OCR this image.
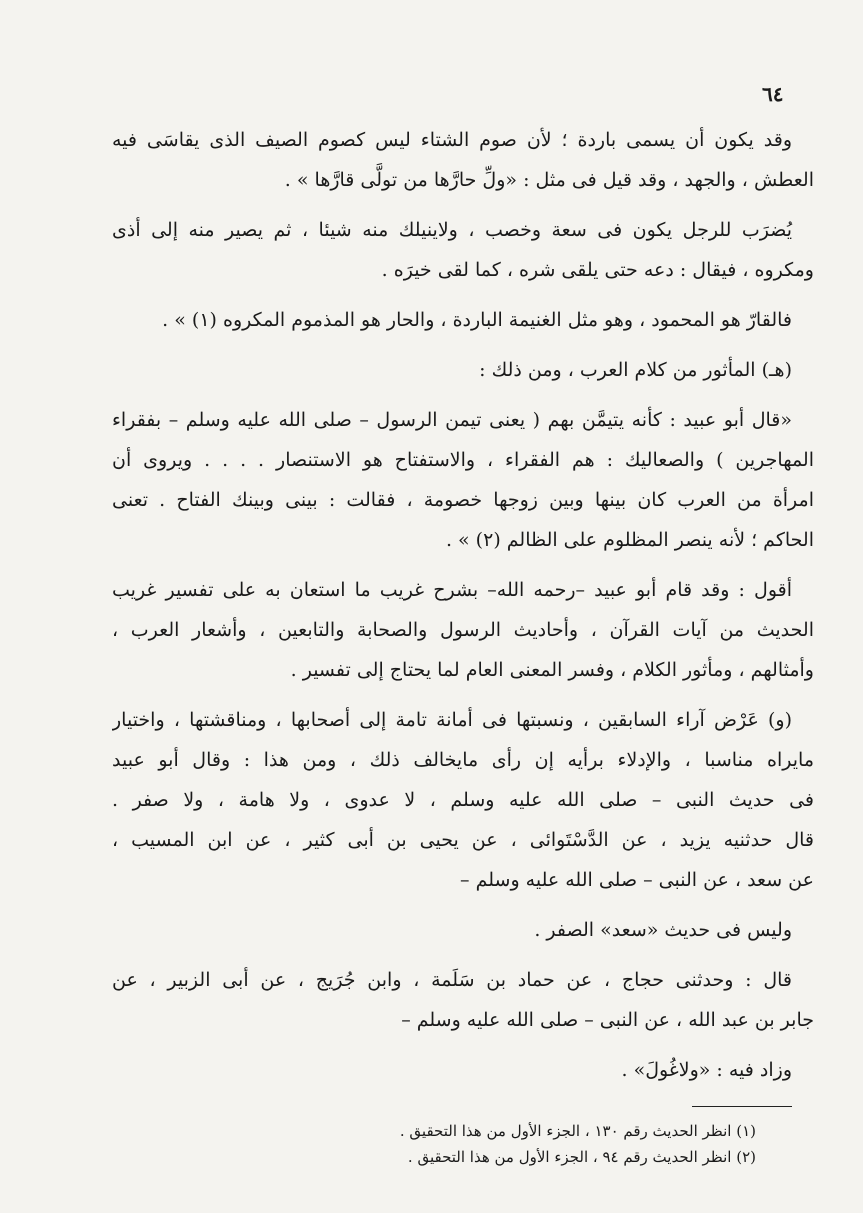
٦٤
وقد يكون أن يسمى باردة ؛ لأن صوم الشتاء ليس كصوم الصيف الذى يقاسَى فيه
العطش ، والجهد ، وقد قيل فى مثل : «ولِّ حارَّها من تولَّى قارَّها » .
يُضرَب للرجل يكون فى سعة وخصب ، ولاينيلك منه شيئا ، ثم يصير منه إلى أذى
ومكروه ، فيقال : دعه حتى يلقى شره ، كما لقى خيرَه .
فالقارّ هو المحمود ، وهو مثل الغنيمة الباردة ، والحار هو المذموم المكروه (١) » .
(هـ) المأثور من كلام العرب ، ومن ذلك :
«قال أبو عبيد : كأنه يتيمَّن بهم ( يعنى تيمن الرسول – صلى الله عليه وسلم – بفقراء
المهاجرين ) والصعاليك : هم الفقراء ، والاستفتاح هو الاستنصار . . . . ويروى أن
امرأة من العرب كان بينها وبين زوجها خصومة ، فقالت : بينى وبينك الفتاح . تعنى
الحاكم ؛ لأنه ينصر المظلوم على الظالم (٢) » .
أقول : وقد قام أبو عبيد –رحمه الله– بشرح غريب ما استعان به على تفسير غريب
الحديث من آيات القرآن ، وأحاديث الرسول والصحابة والتابعين ، وأشعار العرب ،
وأمثالهم ، ومأثور الكلام ، وفسر المعنى العام لما يحتاج إلى تفسير .
(و) عَرْض آراء السابقين ، ونسبتها فى أمانة تامة إلى أصحابها ، ومناقشتها ، واختيار
مايراه مناسبا ، والإدلاء برأيه إن رأى مايخالف ذلك ، ومن هذا : وقال أبو عبيد
فى حديث النبى – صلى الله عليه وسلم ، لا عدوى ، ولا هامة ، ولا صفر .
قال حدثنيه يزيد ، عن الدَّسْتَوائى ، عن يحيى بن أبى كثير ، عن ابن المسيب ،
عن سعد ، عن النبى – صلى الله عليه وسلم –
وليس فى حديث «سعد» الصفر .
قال : وحدثنى حجاج ، عن حماد بن سَلَمة ، وابن جُرَيج ، عن أبى الزبير ، عن
جابر بن عبد الله ، عن النبى – صلى الله عليه وسلم –
وزاد فيه : «ولاغُولَ» .
(١) انظر الحديث رقم ١٣٠ ، الجزء الأول من هذا التحقيق .
(٢) انظر الحديث رقم ٩٤ ، الجزء الأول من هذا التحقيق .
